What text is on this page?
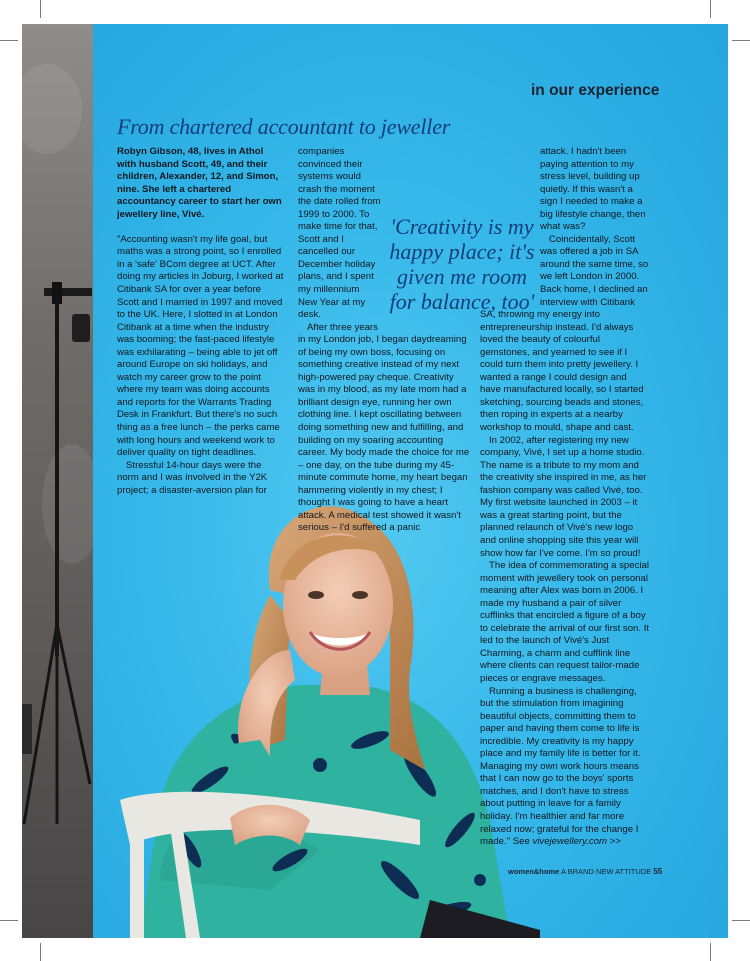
in our experience
From chartered accountant to jeweller

Robyn Gibson, 48, lives in Athol with husband Scott, 49, and their children, Alexander, 12, and Simon, nine. She left a chartered accountancy career to start her own jewellery line, Vivé.

"Accounting wasn't my life goal, but maths was a strong point, so I enrolled in a 'safe' BCom degree at UCT. After doing my articles in Joburg, I worked at Citibank SA for over a year before Scott and I married in 1997 and moved to the UK. Here, I slotted in at London Citibank at a time when the industry was booming; the fast-paced lifestyle was exhilarating – being able to jet off around Europe on ski holidays, and watch my career grow to the point where my team was doing accounts and reports for the Warrants Trading Desk in Frankfurt. But there's no such thing as a free lunch – the perks came with long hours and weekend work to deliver quality on tight deadlines.

Stressful 14-hour days were the norm and I was involved in the Y2K project; a disaster-aversion plan for

companies convinced their systems would crash the moment the date rolled from 1999 to 2000. To make time for that, Scott and I cancelled our December holiday plans, and I spent my millennium New Year at my desk.

After three years in my London job, I began daydreaming of being my own boss, focusing on something creative instead of my next high-powered pay cheque. Creativity was in my blood, as my late mom had a brilliant design eye, running her own clothing line. I kept oscillating between doing something new and fulfilling, and building on my soaring accounting career. My body made the choice for me – one day, on the tube during my 45-minute commute home, my heart began hammering violently in my chest; I thought I was going to have a heart attack. A medical test showed it wasn't serious – I'd suffered a panic

attack. I hadn't been paying attention to my stress level, building up quietly. If this wasn't a sign I needed to make a big lifestyle change, then what was?

Coincidentally, Scott was offered a job in SA around the same time, so we left London in 2000. Back home, I declined an interview with Citibank SA, throwing my energy into entrepreneurship instead. I'd always loved the beauty of colourful gemstones, and yearned to see if I could turn them into pretty jewellery. I wanted a range I could design and have manufactured locally, so I started sketching, sourcing beads and stones, then roping in experts at a nearby workshop to mould, shape and cast.

In 2002, after registering my new company, Vivé, I set up a home studio. The name is a tribute to my mom and the creativity she inspired in me, as her fashion company was called Vivé, too. My first website launched in 2003 – it was a great starting point, but the planned relaunch of Vivé's new logo and online shopping site this year will show how far I've come. I'm so proud!

The idea of commemorating a special moment with jewellery took on personal meaning after Alex was born in 2006. I made my husband a pair of silver cufflinks that encircled a figure of a boy to celebrate the arrival of our first son. It led to the launch of Vivé's Just Charming, a charm and cufflink line where clients can request tailor-made pieces or engrave messages.

Running a business is challenging, but the stimulation from imagining beautiful objects, committing them to paper and having them come to life is incredible. My creativity is my happy place and my family life is better for it. Managing my own work hours means that I can now go to the boys' sports matches, and I don't have to stress about putting in leave for a family holiday. I'm healthier and far more relaxed now; grateful for the change I made." See vivejewellery.com >>

'Creativity is my happy place; it's given me room for balance, too'
women&home A BRAND NEW ATTITUDE 55
